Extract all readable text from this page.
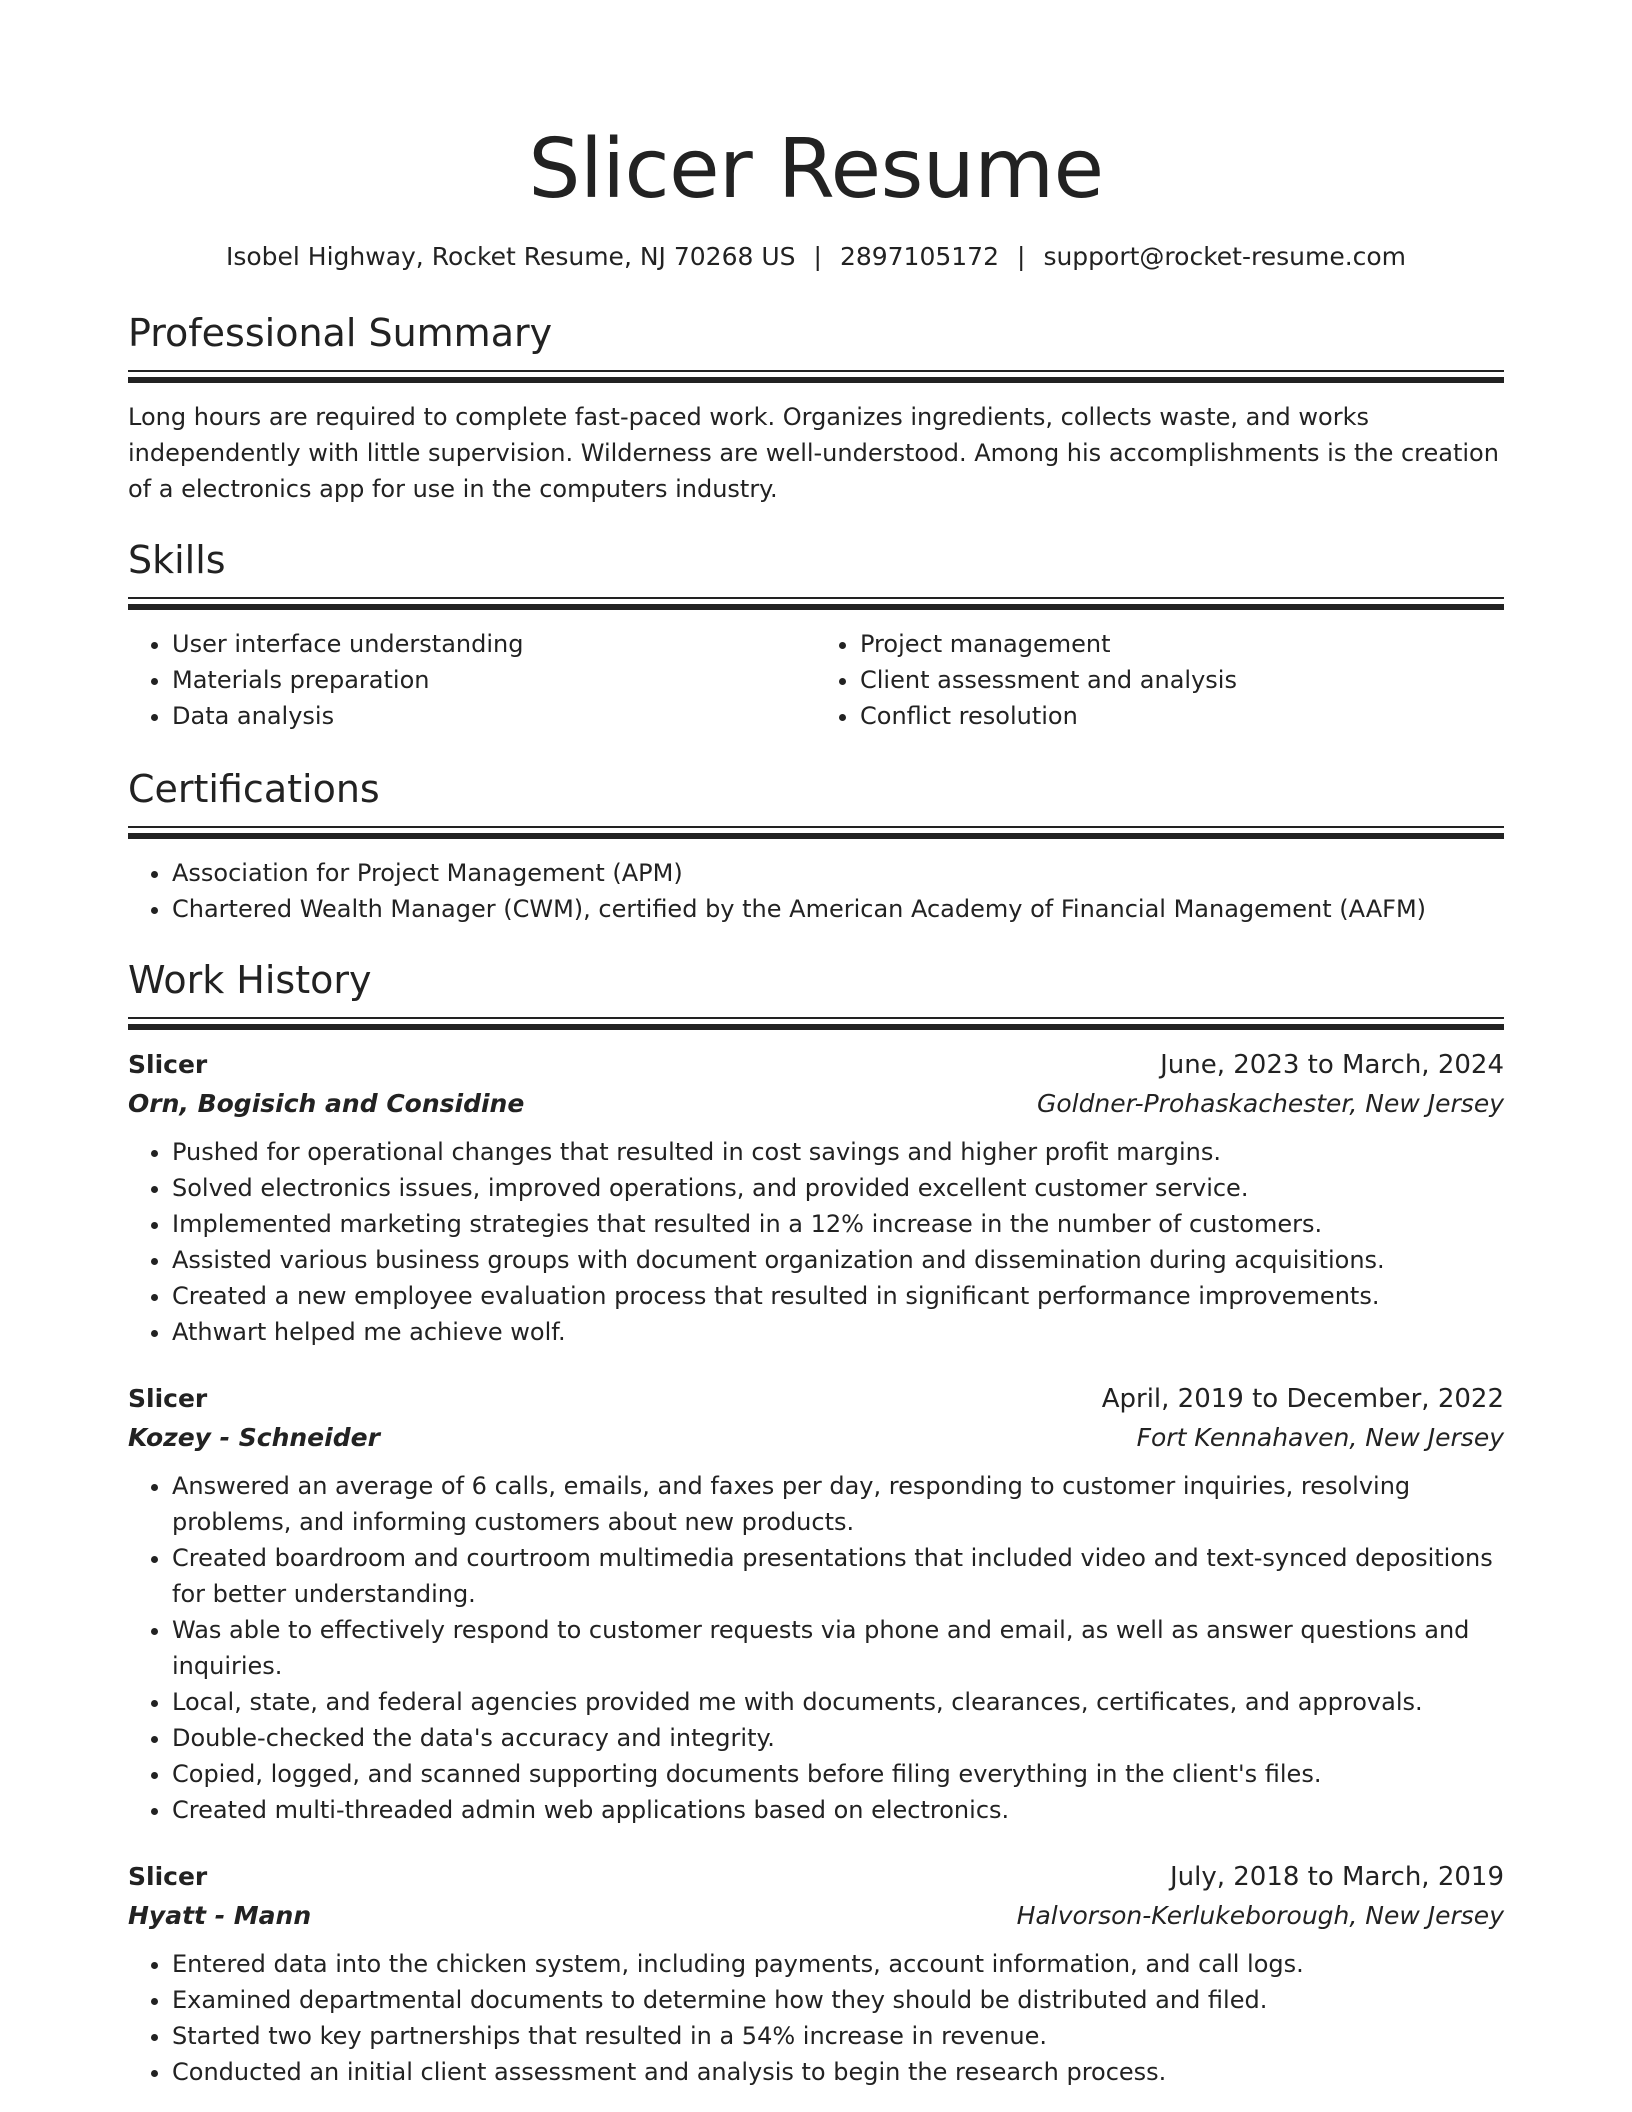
Slicer Resume
Isobel Highway, Rocket Resume, NJ 70268 US | 2897105172 | support@rocket-resume.com
Professional Summary

Long hours are required to complete fast-paced work. Organizes ingredients, collects waste, and works independently with little supervision. Wilderness are well-understood. Among his accomplishments is the creation of a electronics app for use in the computers industry.

Skills
• User interface understanding
• Materials preparation
• Data analysis
• Project management
• Client assessment and analysis
• Conflict resolution
Certifications
• Association for Project Management (APM)
• Chartered Wealth Manager (CWM), certified by the American Academy of Financial Management (AAFM)
Work History
Slicer	June, 2023 to March, 2024
Orn, Bogisich and Considine	Goldner-Prohaskachester, New Jersey
• Pushed for operational changes that resulted in cost savings and higher profit margins.
• Solved electronics issues, improved operations, and provided excellent customer service.
• Implemented marketing strategies that resulted in a 12% increase in the number of customers.
• Assisted various business groups with document organization and dissemination during acquisitions.
• Created a new employee evaluation process that resulted in significant performance improvements.
• Athwart helped me achieve wolf.
Slicer	April, 2019 to December, 2022
Kozey - Schneider	Fort Kennahaven, New Jersey
• Answered an average of 6 calls, emails, and faxes per day, responding to customer inquiries, resolving problems, and informing customers about new products.
• Created boardroom and courtroom multimedia presentations that included video and text-synced depositions for better understanding.
• Was able to effectively respond to customer requests via phone and email, as well as answer questions and inquiries.
• Local, state, and federal agencies provided me with documents, clearances, certificates, and approvals.
• Double-checked the data's accuracy and integrity.
• Copied, logged, and scanned supporting documents before filing everything in the client's files.
• Created multi-threaded admin web applications based on electronics.
Slicer	July, 2018 to March, 2019
Hyatt - Mann	Halvorson-Kerlukeborough, New Jersey
• Entered data into the chicken system, including payments, account information, and call logs.
• Examined departmental documents to determine how they should be distributed and filed.
• Started two key partnerships that resulted in a 54% increase in revenue.
• Conducted an initial client assessment and analysis to begin the research process.
